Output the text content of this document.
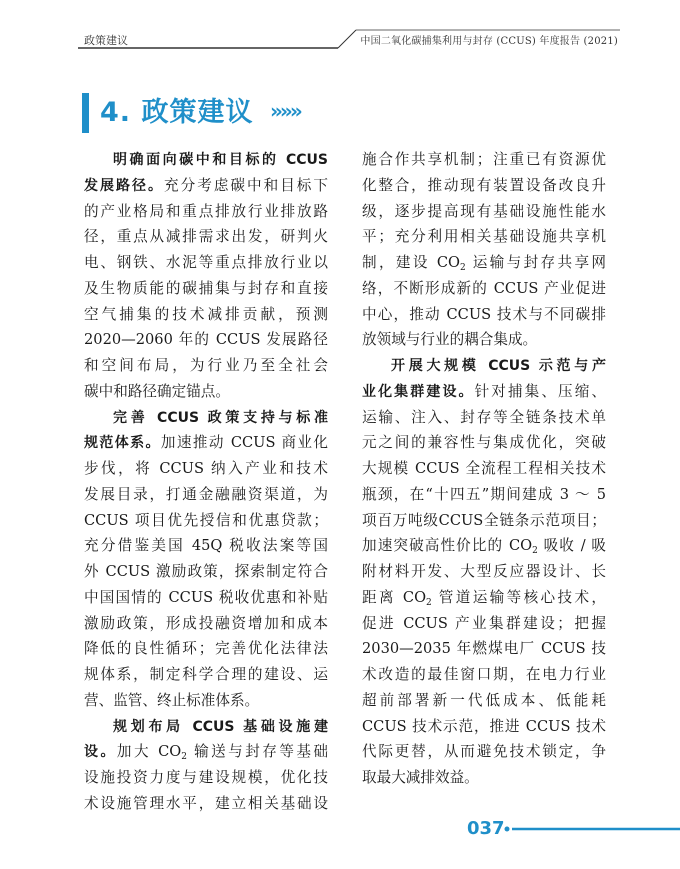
政策建议	中国二氧化碳捕集利用与封存 (CCUS) 年度报告 (2021)
4. 政策建议 »»»
明确面向碳中和目标的 CCUS
发展路径。充分考虑碳中和目标下
的产业格局和重点排放行业排放路
径，重点从减排需求出发，研判火
电、钢铁、水泥等重点排放行业以
及生物质能的碳捕集与封存和直接
空气捕集的技术减排贡献，预测
2020—2060 年的 CCUS 发展路径
和空间布局，为行业乃至全社会
碳中和路径确定锚点。
完善 CCUS 政策支持与标准
规范体系。加速推动 CCUS 商业化
步伐，将 CCUS 纳入产业和技术
发展目录，打通金融融资渠道，为
CCUS 项目优先授信和优惠贷款；
充分借鉴美国 45Q 税收法案等国
外 CCUS 激励政策，探索制定符合
中国国情的 CCUS 税收优惠和补贴
激励政策，形成投融资增加和成本
降低的良性循环；完善优化法律法
规体系，制定科学合理的建设、运
营、监管、终止标准体系。
规划布局 CCUS 基础设施建
设。加大 $CO_2$ 输送与封存等基础
设施投资力度与建设规模，优化技
术设施管理水平，建立相关基础设
施合作共享机制；注重已有资源优
化整合，推动现有装置设备改良升
级，逐步提高现有基础设施性能水
平；充分利用相关基础设施共享机
制，建设 $CO_2$ 运输与封存共享网
络，不断形成新的 CCUS 产业促进
中心，推动 CCUS 技术与不同碳排
放领域与行业的耦合集成。
开展大规模 CCUS 示范与产
业化集群建设。针对捕集、压缩、
运输、注入、封存等全链条技术单
元之间的兼容性与集成优化，突破
大规模 CCUS 全流程工程相关技术
瓶颈，在“十四五”期间建成 3 ～ 5
项百万吨级CCUS全链条示范项目；
加速突破高性价比的 $CO_2$ 吸收 / 吸
附材料开发、大型反应器设计、长
距离 $CO_2$ 管道运输等核心技术，
促进 CCUS 产业集群建设；把握
2030—2035 年燃煤电厂 CCUS 技
术改造的最佳窗口期，在电力行业
超前部署新一代低成本、低能耗
CCUS 技术示范，推进 CCUS 技术
代际更替，从而避免技术锁定，争
取最大减排效益。
037
